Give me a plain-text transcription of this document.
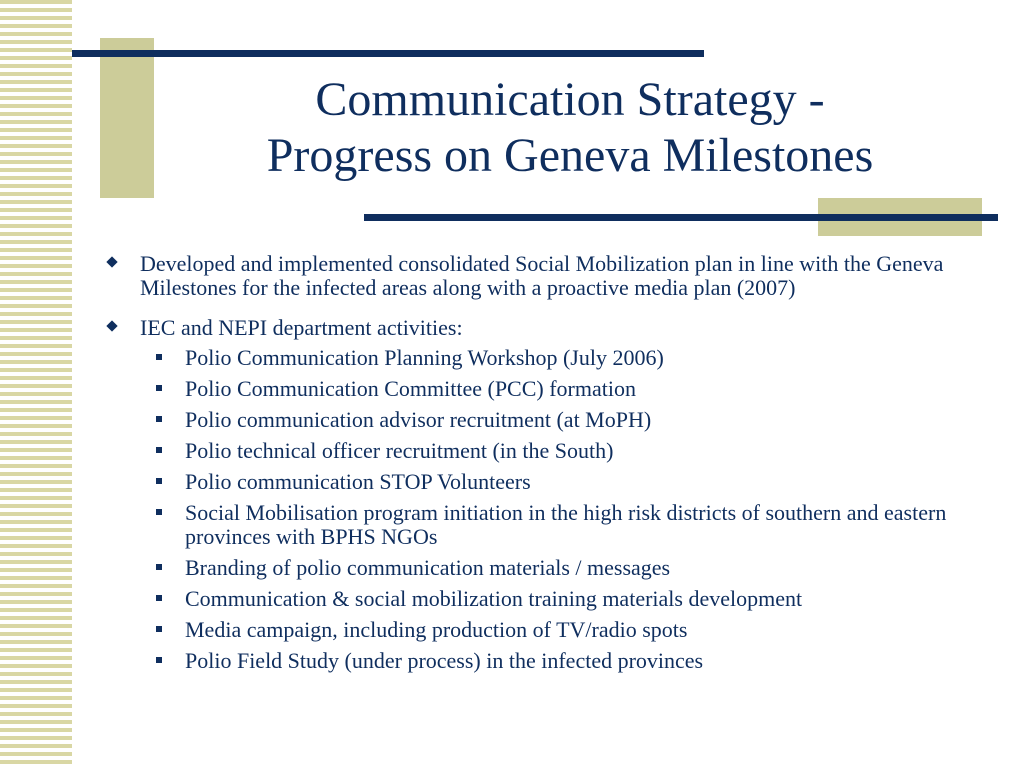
Communication Strategy -
Progress on Geneva Milestones
Developed and implemented consolidated Social Mobilization plan in line with the Geneva Milestones for the infected areas along with a proactive media plan (2007)
IEC and NEPI department activities:
Polio Communication Planning Workshop (July 2006)
Polio Communication Committee (PCC) formation
Polio communication advisor recruitment (at MoPH)
Polio technical officer recruitment (in the South)
Polio communication STOP Volunteers
Social Mobilisation program initiation in the high risk districts of southern and eastern provinces with BPHS NGOs
Branding of polio communication materials / messages
Communication & social mobilization training materials development
Media campaign, including production of TV/radio spots
Polio Field Study (under process) in the infected provinces
